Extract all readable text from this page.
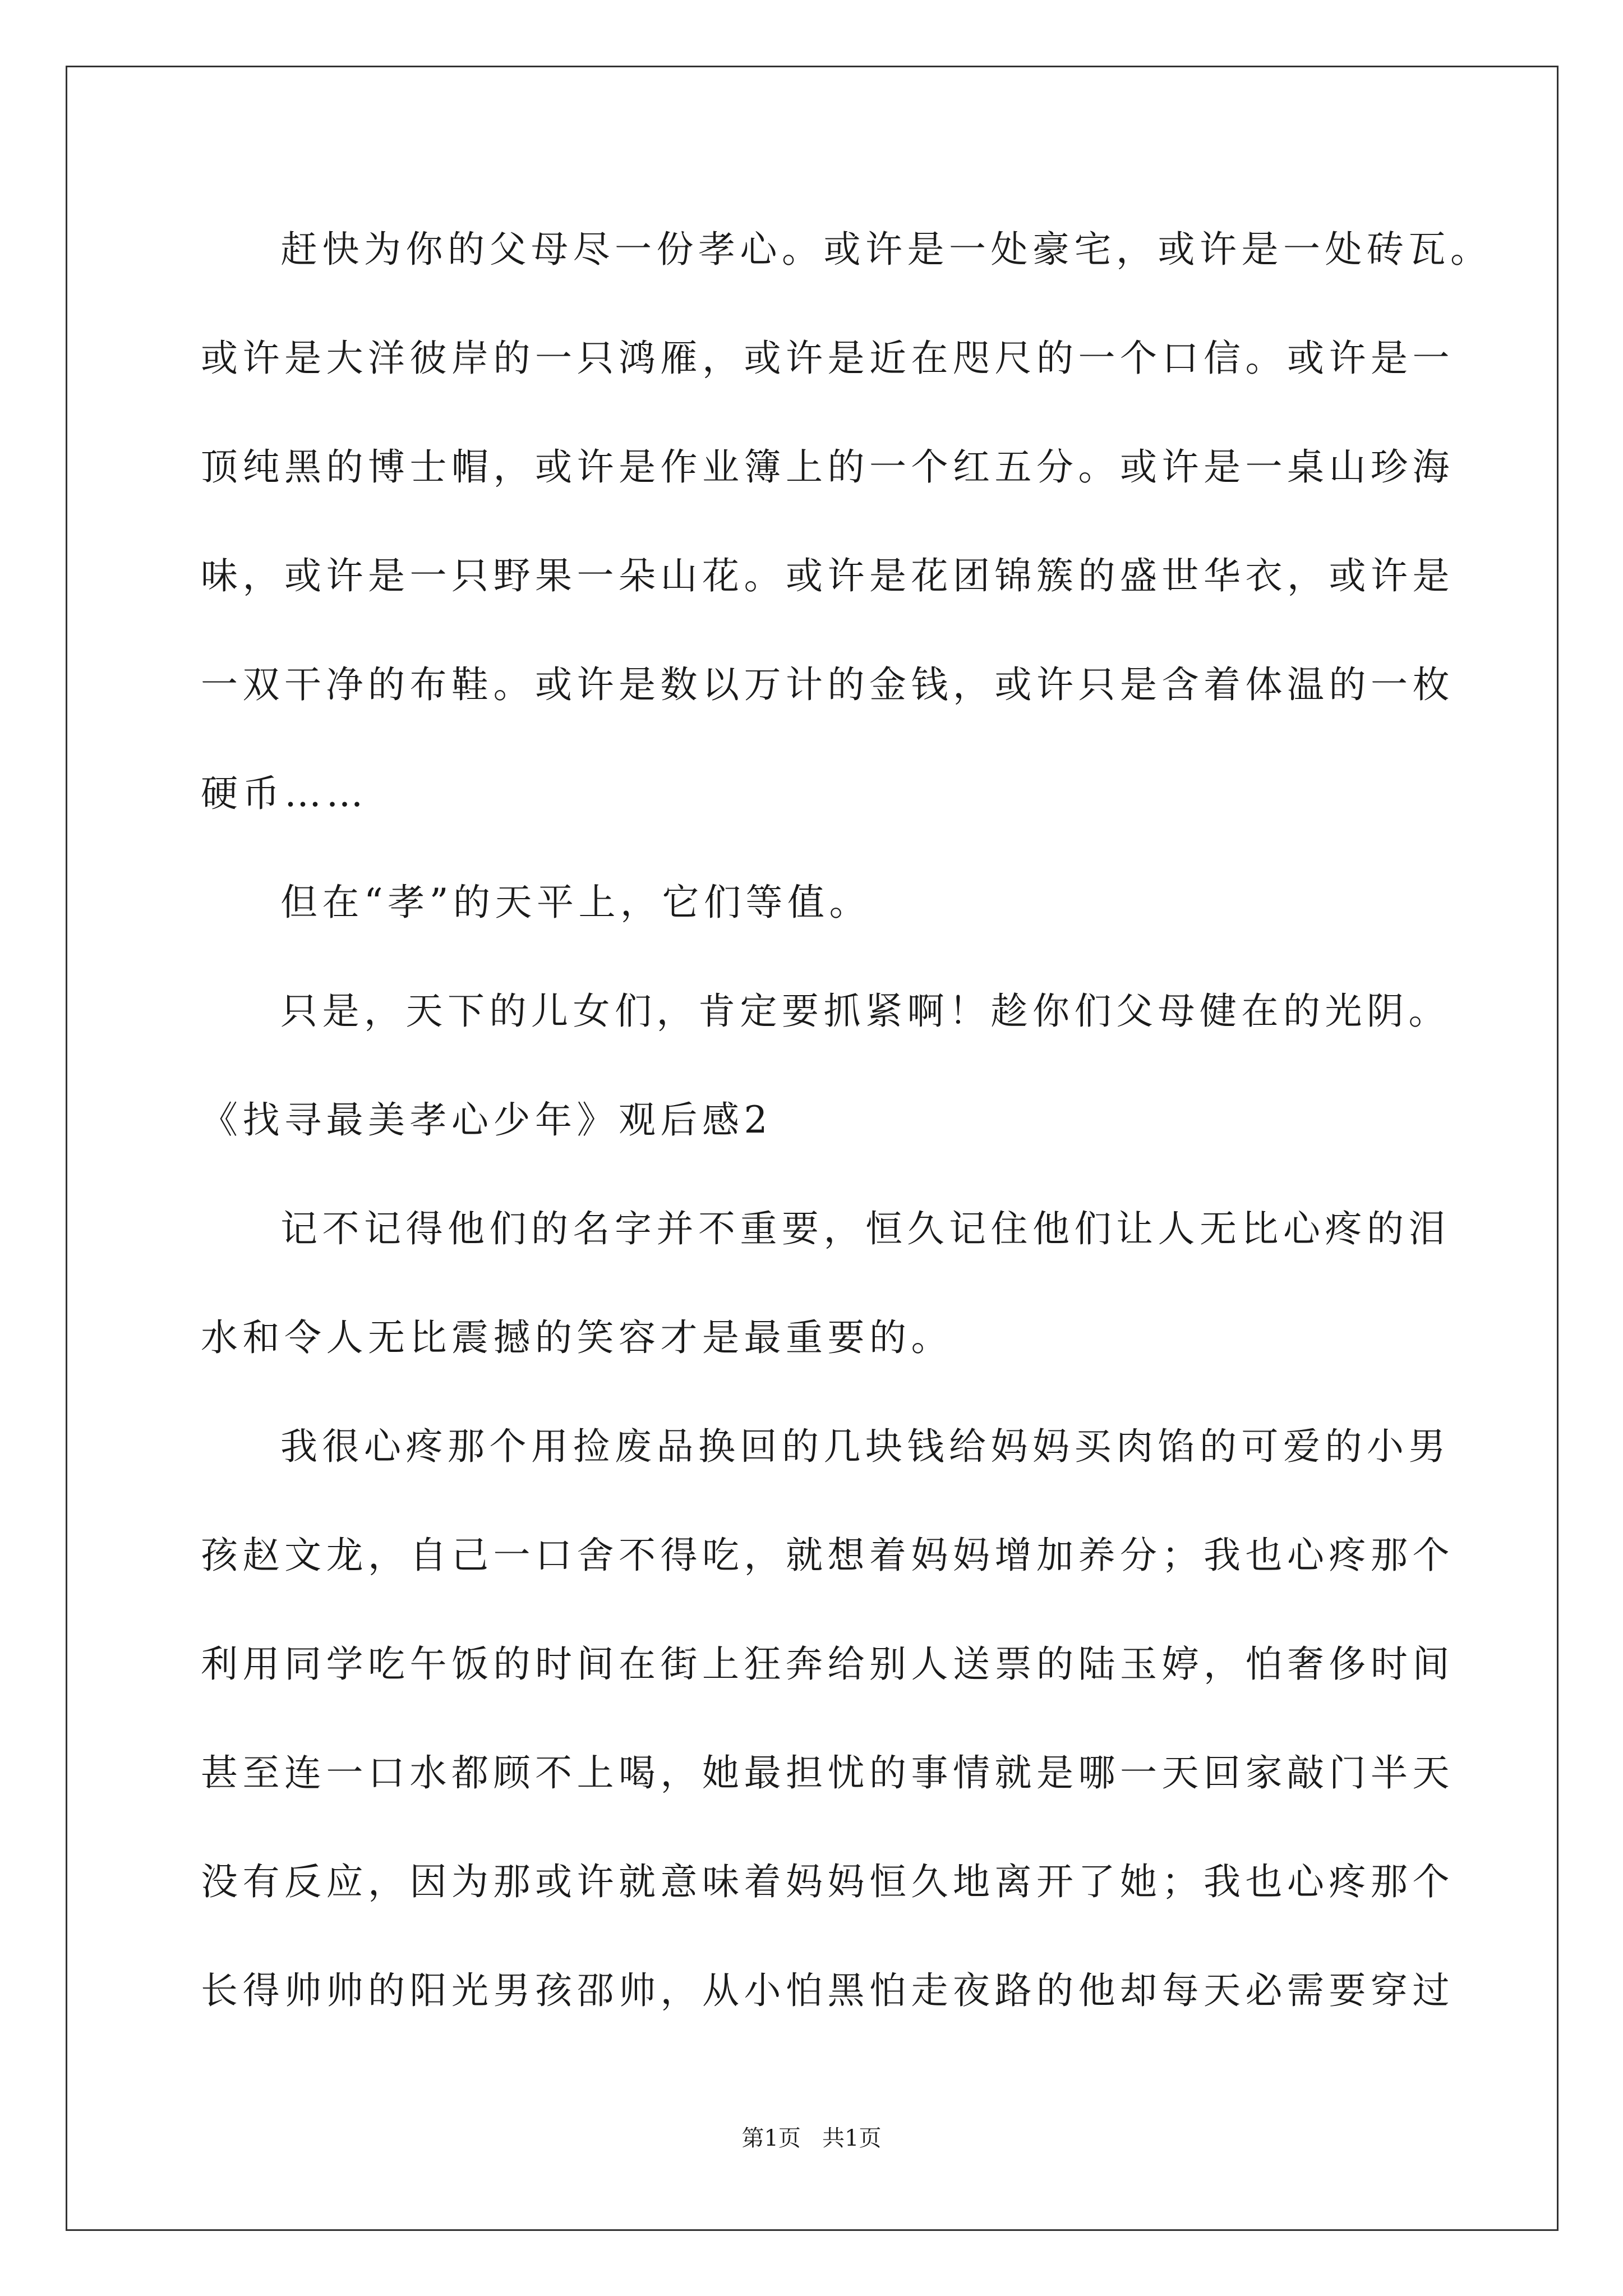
赶快为你的父母尽一份孝心。或许是一处豪宅，或许是一处砖瓦。
或许是大洋彼岸的一只鸿雁，或许是近在咫尺的一个口信。或许是一
顶纯黑的博士帽，或许是作业簿上的一个红五分。或许是一桌山珍海
味，或许是一只野果一朵山花。或许是花团锦簇的盛世华衣，或许是
一双干净的布鞋。或许是数以万计的金钱，或许只是含着体温的一枚
硬币……
但在“孝”的天平上，它们等值。
只是，天下的儿女们，肯定要抓紧啊！趁你们父母健在的光阴。
《找寻最美孝心少年》观后感2
记不记得他们的名字并不重要，恒久记住他们让人无比心疼的泪
水和令人无比震撼的笑容才是最重要的。
我很心疼那个用捡废品换回的几块钱给妈妈买肉馅的可爱的小男
孩赵文龙，自己一口舍不得吃，就想着妈妈增加养分；我也心疼那个
利用同学吃午饭的时间在街上狂奔给别人送票的陆玉婷，怕奢侈时间
甚至连一口水都顾不上喝，她最担忧的事情就是哪一天回家敲门半天
没有反应，因为那或许就意味着妈妈恒久地离开了她；我也心疼那个
长得帅帅的阳光男孩邵帅，从小怕黑怕走夜路的他却每天必需要穿过
第1页   共1页
